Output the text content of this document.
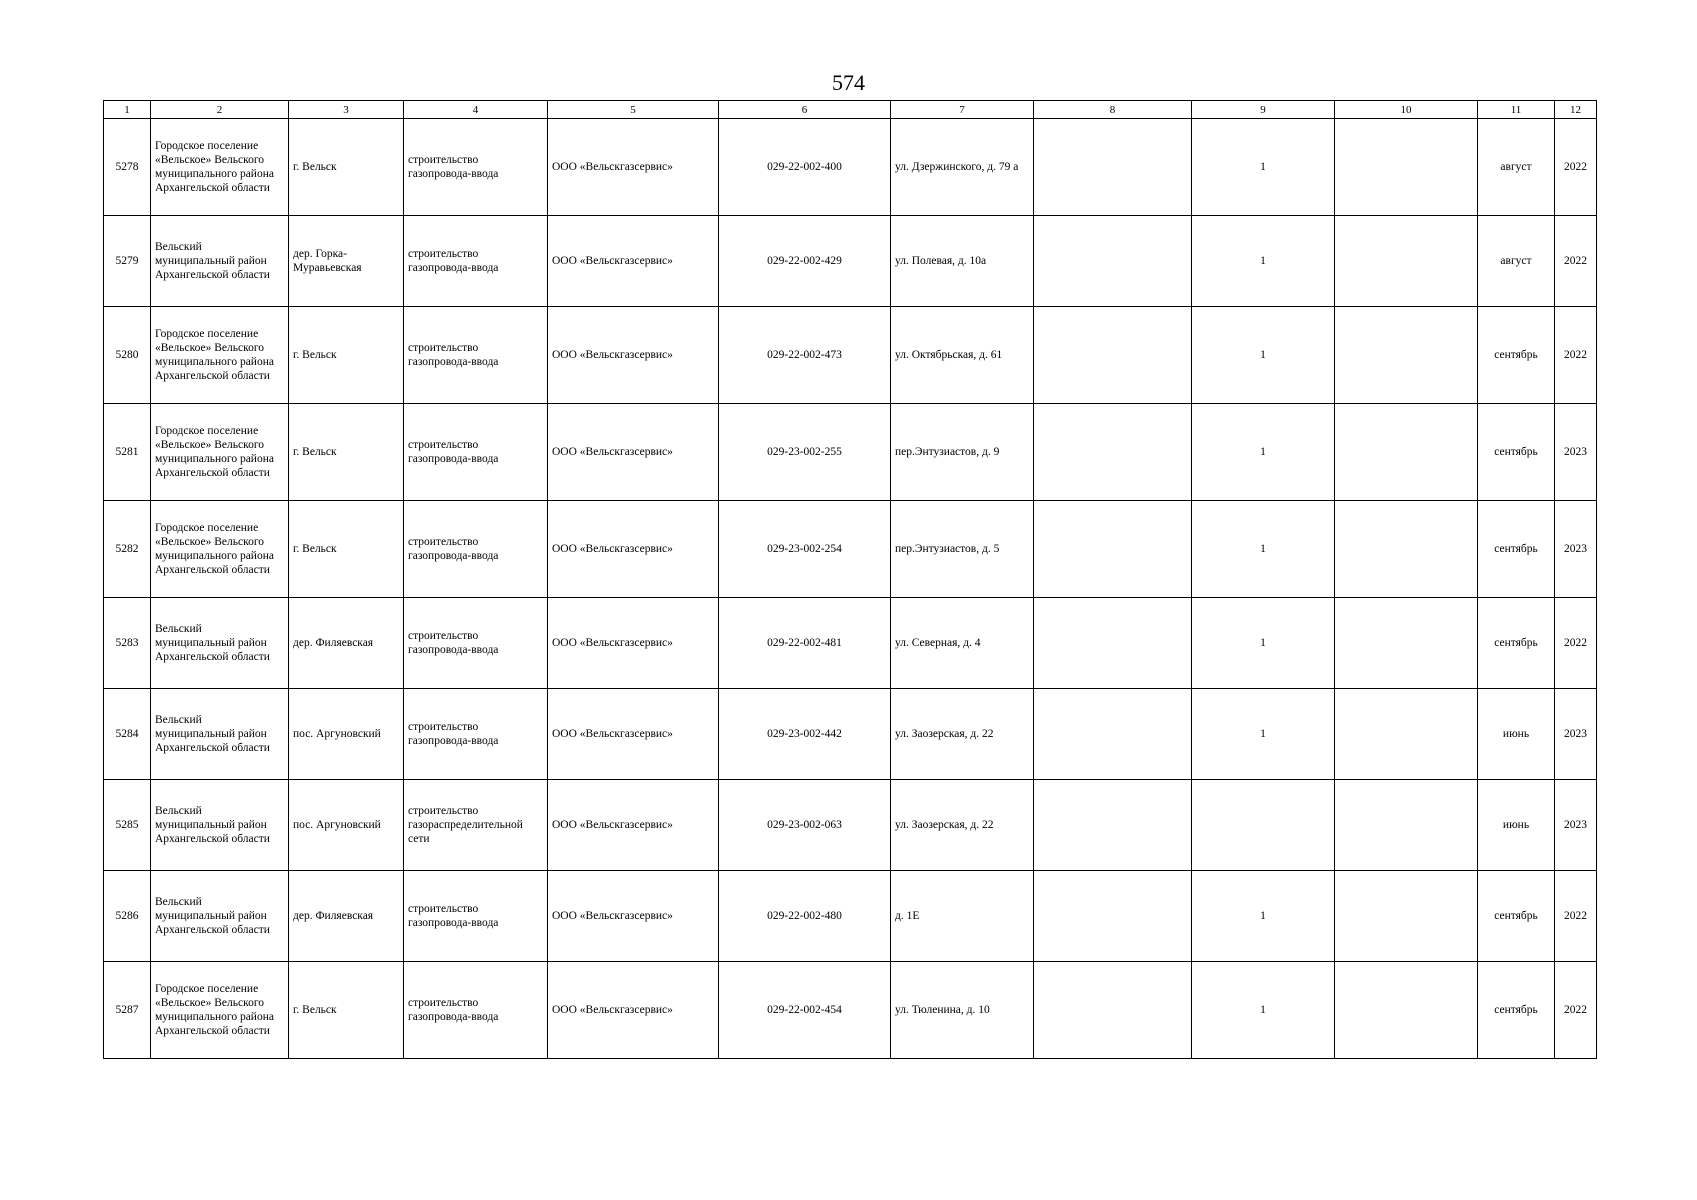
574
1	2	3	4	5	6	7	8	9	10	11	12
5278	Городское поселение «Вельское» Вельского муниципального района Архангельской области	г. Вельск	строительство газопровода-ввода	ООО «Вельскгазсервис»	029-22-002-400	ул. Дзержинского, д. 79 а		1		август	2022
5279	Вельский муниципальный район Архангельской области	дер. Горка-Муравьевская	строительство газопровода-ввода	ООО «Вельскгазсервис»	029-22-002-429	ул. Полевая, д. 10а		1		август	2022
5280	Городское поселение «Вельское» Вельского муниципального района Архангельской области	г. Вельск	строительство газопровода-ввода	ООО «Вельскгазсервис»	029-22-002-473	ул. Октябрьская, д. 61		1		сентябрь	2022
5281	Городское поселение «Вельское» Вельского муниципального района Архангельской области	г. Вельск	строительство газопровода-ввода	ООО «Вельскгазсервис»	029-23-002-255	пер.Энтузиастов, д. 9		1		сентябрь	2023
5282	Городское поселение «Вельское» Вельского муниципального района Архангельской области	г. Вельск	строительство газопровода-ввода	ООО «Вельскгазсервис»	029-23-002-254	пер.Энтузиастов, д. 5		1		сентябрь	2023
5283	Вельский муниципальный район Архангельской области	дер. Филяевская	строительство газопровода-ввода	ООО «Вельскгазсервис»	029-22-002-481	ул. Северная, д. 4		1		сентябрь	2022
5284	Вельский муниципальный район Архангельской области	пос. Аргуновский	строительство газопровода-ввода	ООО «Вельскгазсервис»	029-23-002-442	ул. Заозерская, д. 22		1		июнь	2023
5285	Вельский муниципальный район Архангельской области	пос. Аргуновский	строительство газораспределительной сети	ООО «Вельскгазсервис»	029-23-002-063	ул. Заозерская, д. 22				июнь	2023
5286	Вельский муниципальный район Архангельской области	дер. Филяевская	строительство газопровода-ввода	ООО «Вельскгазсервис»	029-22-002-480	д. 1Е		1		сентябрь	2022
5287	Городское поселение «Вельское» Вельского муниципального района Архангельской области	г. Вельск	строительство газопровода-ввода	ООО «Вельскгазсервис»	029-22-002-454	ул. Тюленина, д. 10		1		сентябрь	2022
